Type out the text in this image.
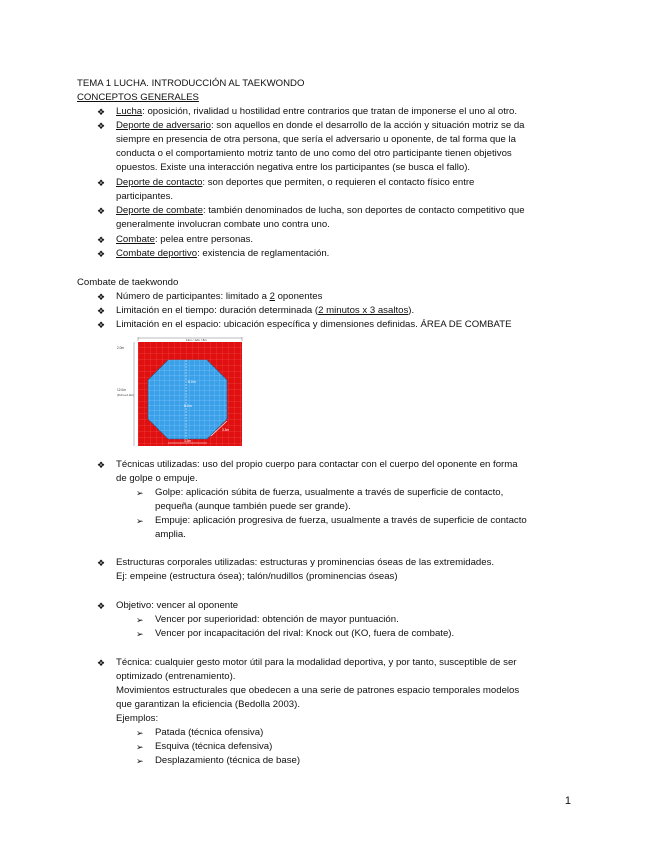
TEMA 1 LUCHA. INTRODUCCIÓN AL TAEKWONDO
CONCEPTOS GENERALES
❖ Lucha: oposición, rivalidad u hostilidad entre contrarios que tratan de imponerse el uno al otro.
❖ Deporte de adversario: son aquellos en donde el desarrollo de la acción y situación motriz se da
siempre en presencia de otra persona, que sería el adversario u oponente, de tal forma que la
conducta o el comportamiento motriz tanto de uno como del otro participante tienen objetivos
opuestos. Existe una interacción negativa entre los participantes (se busca el fallo).
❖ Deporte de contacto: son deportes que permiten, o requieren el contacto físico entre
participantes.
❖ Deporte de combate: también denominados de lucha, son deportes de contacto competitivo que
generalmente involucran combate uno contra uno.
❖ Combate: pelea entre personas.
❖ Combate deportivo: existencia de reglamentación.
Combate de taekwondo
❖ Número de participantes: limitado a 2 oponentes
❖ Limitación en el tiempo: duración determinada (2 minutos x 3 asaltos).
❖ Limitación en el espacio: ubicación específica y dimensiones definidas. ÁREA DE COMBATE
12m / 12m / 8m
2.0m
12.0m
(8.0m+2.0m)
8.0m
8.0m
3.3m
3.3m
❖ Técnicas utilizadas: uso del propio cuerpo para contactar con el cuerpo del oponente en forma
de golpe o empuje.
➢ Golpe: aplicación súbita de fuerza, usualmente a través de superficie de contacto,
pequeña (aunque también puede ser grande).
➢ Empuje: aplicación progresiva de fuerza, usualmente a través de superficie de contacto
amplia.
❖ Estructuras corporales utilizadas: estructuras y prominencias óseas de las extremidades.
Ej: empeine (estructura ósea); talón/nudillos (prominencias óseas)
❖ Objetivo: vencer al oponente
➢ Vencer por superioridad: obtención de mayor puntuación.
➢ Vencer por incapacitación del rival: Knock out (KO, fuera de combate).
❖ Técnica: cualquier gesto motor útil para la modalidad deportiva, y por tanto, susceptible de ser
optimizado (entrenamiento).
Movimientos estructurales que obedecen a una serie de patrones espacio temporales modelos
que garantizan la eficiencia (Bedolla 2003).
Ejemplos:
➢ Patada (técnica ofensiva)
➢ Esquiva (técnica defensiva)
➢ Desplazamiento (técnica de base)
1
